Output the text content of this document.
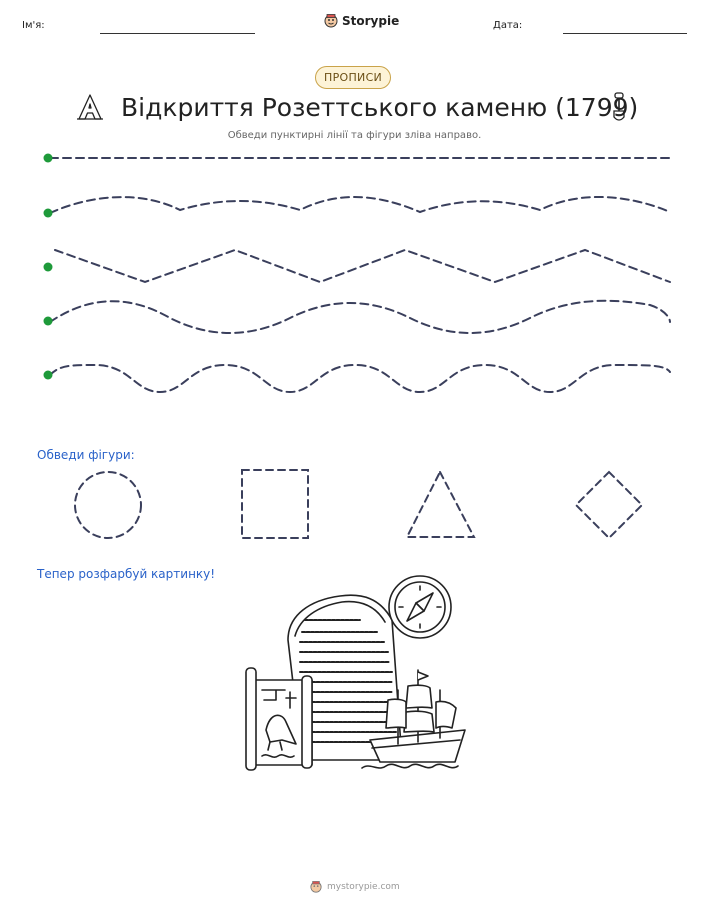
Ім'я:	Storypie	Дата:
ПРОПИСИ
Відкриття Розеттського каменю (1799)
Обведи пунктирні лінії та фігури зліва направо.
Обведи фігури:
Тепер розфарбуй картинку!
mystorypie.com
